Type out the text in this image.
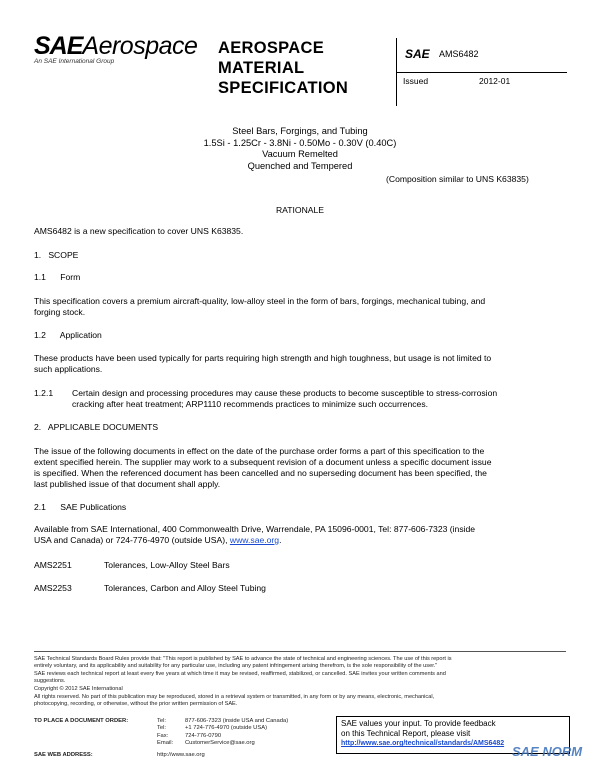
SAEAerospace
An SAE International Group
AEROSPACE
MATERIAL
SPECIFICATION
SAE AMS6482
Issued	2012-01
Steel Bars, Forgings, and Tubing
1.5Si - 1.25Cr - 3.8Ni - 0.50Mo - 0.30V (0.40C)
Vacuum Remelted
Quenched and Tempered
(Composition similar to UNS K63835)
RATIONALE
AMS6482 is a new specification to cover UNS K63835.
1.   SCOPE
1.1      Form
This specification covers a premium aircraft-quality, low-alloy steel in the form of bars, forgings, mechanical tubing, and
forging stock.
1.2      Application
These products have been used typically for parts requiring high strength and high toughness, but usage is not limited to
such applications.
1.2.1 Certain design and processing procedures may cause these products to become susceptible to stress-corrosion
cracking after heat treatment; ARP1110 recommends practices to minimize such occurrences.
2.   APPLICABLE DOCUMENTS
The issue of the following documents in effect on the date of the purchase order forms a part of this specification to the
extent specified herein. The supplier may work to a subsequent revision of a document unless a specific document issue
is specified. When the referenced document has been cancelled and no superseding document has been specified, the
last published issue of that document shall apply.
2.1      SAE Publications
Available from SAE International, 400 Commonwealth Drive, Warrendale, PA 15096-0001, Tel: 877-606-7323 (inside
USA and Canada) or 724-776-4970 (outside USA), www.sae.org.
AMS2251	Tolerances, Low-Alloy Steel Bars
AMS2253	Tolerances, Carbon and Alloy Steel Tubing
SAE Technical Standards Board Rules provide that: "This report is published by SAE to advance the state of technical and engineering sciences. The use of this report is
entirely voluntary, and its applicability and suitability for any particular use, including any patent infringement arising therefrom, is the sole responsibility of the user."
SAE reviews each technical report at least every five years at which time it may be revised, reaffirmed, stabilized, or cancelled. SAE invites your written comments and
suggestions.
Copyright © 2012 SAE International
All rights reserved. No part of this publication may be reproduced, stored in a retrieval system or transmitted, in any form or by any means, electronic, mechanical,
photocopying, recording, or otherwise, without the prior written permission of SAE.
TO PLACE A DOCUMENT ORDER:	Tel:	877-606-7323 (inside USA and Canada)
Tel:	+1 724-776-4970 (outside USA)
Fax:	724-776-0790
Email: CustomerService@sae.org
SAE WEB ADDRESS:	http://www.sae.org
SAE values your input. To provide feedback
on this Technical Report, please visit
http://www.sae.org/technical/standards/AMS6482
SAE NORM
